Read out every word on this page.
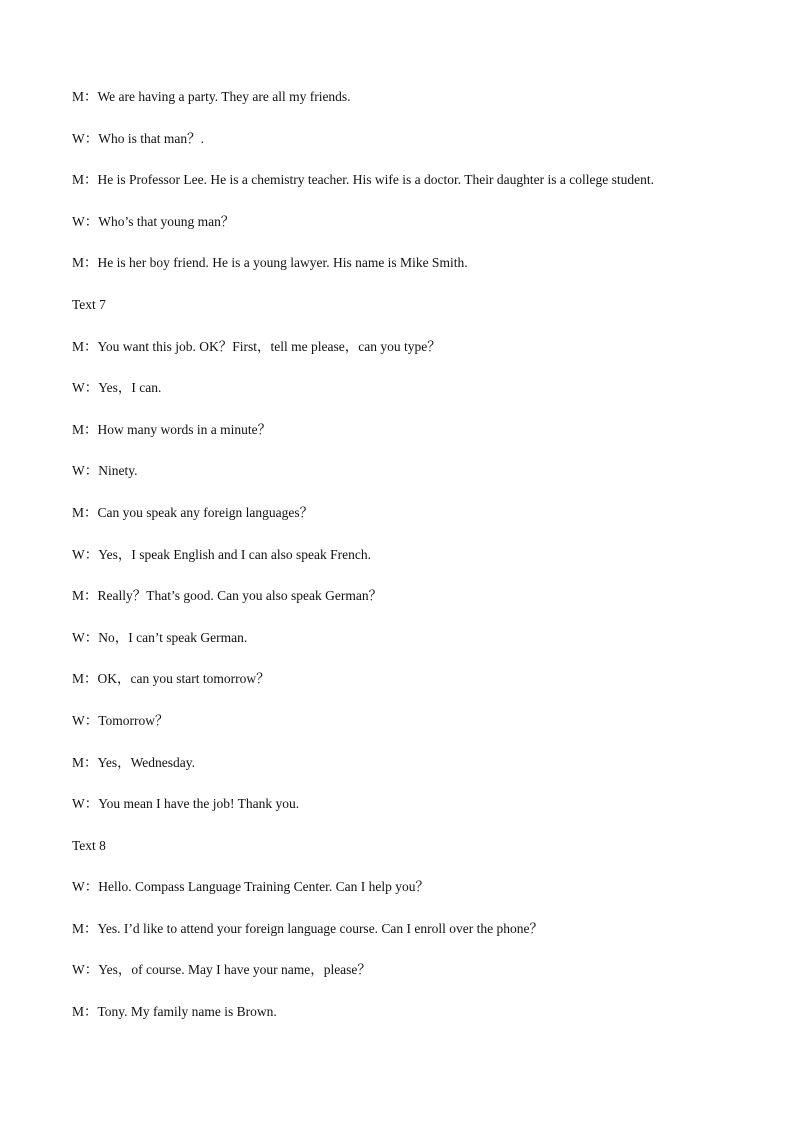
M：We are having a party. They are all my friends.
W：Who is that man？.
M：He is Professor Lee. He is a chemistry teacher. His wife is a doctor. Their daughter is a college student.
W：Who’s that young man？
M：He is her boy friend. He is a young lawyer. His name is Mike Smith.
Text 7
M：You want this job. OK？First，tell me please，can you type？
W：Yes，I can.
M：How many words in a minute？
W：Ninety.
M：Can you speak any foreign languages？
W：Yes，I speak English and I can also speak French.
M：Really？That’s good. Can you also speak German？
W：No，I can’t speak German.
M：OK，can you start tomorrow？
W：Tomorrow？
M：Yes，Wednesday.
W：You mean I have the job! Thank you.
Text 8
W：Hello. Compass Language Training Center. Can I help you？
M：Yes. I’d like to attend your foreign language course. Can I enroll over the phone？
W：Yes，of course. May I have your name，please？
M：Tony. My family name is Brown.
